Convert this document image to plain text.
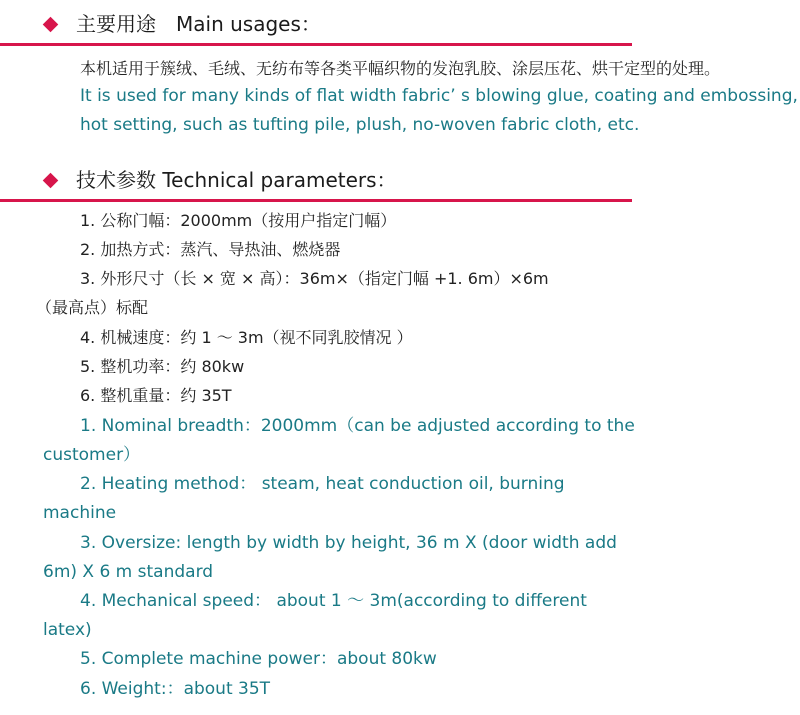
主要用途　Main usages：
本机适用于簇绒、毛绒、无纺布等各类平幅织物的发泡乳胶、涂层压花、烘干定型的处理。
It is used for many kinds of flat width fabric’ s blowing glue, coating and embossing,
hot setting, such as tufting pile, plush, no-woven fabric cloth, etc.
技术参数 Technical parameters：
1. 公称门幅：2000mm（按用户指定门幅）
2. 加热方式：蒸汽、导热油、燃烧器
3. 外形尺寸（长 × 宽 × 高）：36m×（指定门幅 +1. 6m）×6m
（最高点）标配
4. 机械速度：约 1 ～ 3m（视不同乳胶情况 ）
5. 整机功率：约 80kw
6. 整机重量：约 35T
1. Nominal breadth：2000mm（can be adjusted according to the
customer）
2. Heating method： steam, heat conduction oil, burning
machine
3. Oversize: length by width by height, 36 m X (door width add
6m) X 6 m standard
4. Mechanical speed： about 1 ～ 3m(according to different
latex)
5. Complete machine power：about 80kw
6. Weight:：about 35T
